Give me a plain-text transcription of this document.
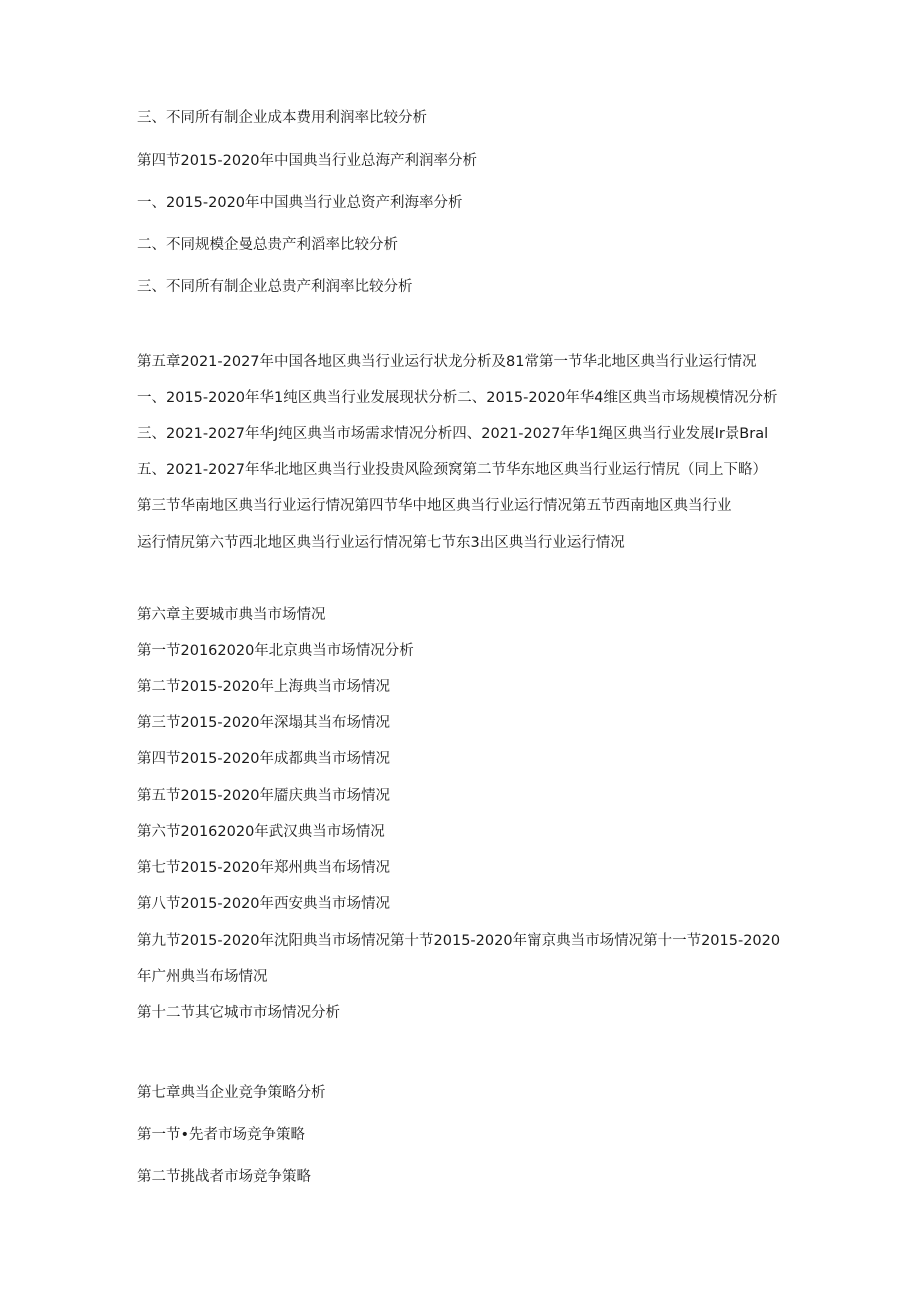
三、不同所有制企业成本费用利润率比较分析
第四节2015-2020年中国典当行业总海产利润率分析
一、2015-2020年中国典当行业总资产利海率分析
二、不同规模企曼总贵产利滔率比较分析
三、不同所有制企业总贵产利润率比较分析
第五章2021-2027年中国各地区典当行业运行状龙分析及81常第一节华北地区典当行业运行情况
一、2015-2020年华1纯区典当行业发展现状分析二、2015-2020年华4维区典当市场规模情况分析
三、2021-2027年华J纯区典当市场需求情况分析四、2021-2027年华1绳区典当行业发展Ir景Bral
五、2021-2027年华北地区典当行业投贵风险颈窝第二节华东地区典当行业运行情尻（同上下略）
第三节华南地区典当行业运行情况第四节华中地区典当行业运行情况第五节西南地区典当行业
运行情尻第六节西北地区典当行业运行情况第七节东3出区典当行业运行情况
第六章主要城市典当市场情况
第一节20162020年北京典当市场情况分析
第二节2015-2020年上海典当市场情况
第三节2015-2020年深塌其当布场情况
第四节2015-2020年成都典当市场情况
第五节2015-2020年靥庆典当市场情况
第六节20162020年武汉典当市场情况
第七节2015-2020年郑州典当布场情况
第八节2015-2020年西安典当市场情况
第九节2015-2020年沈阳典当市场情况第十节2015-2020年甯京典当市场情况第十一节2015-2020
年广州典当布场情况
第十二节其它城市市场情况分析
第七章典当企业竞争策略分析
第一节•先者市场竞争策略
第二节挑战者市场竞争策略
